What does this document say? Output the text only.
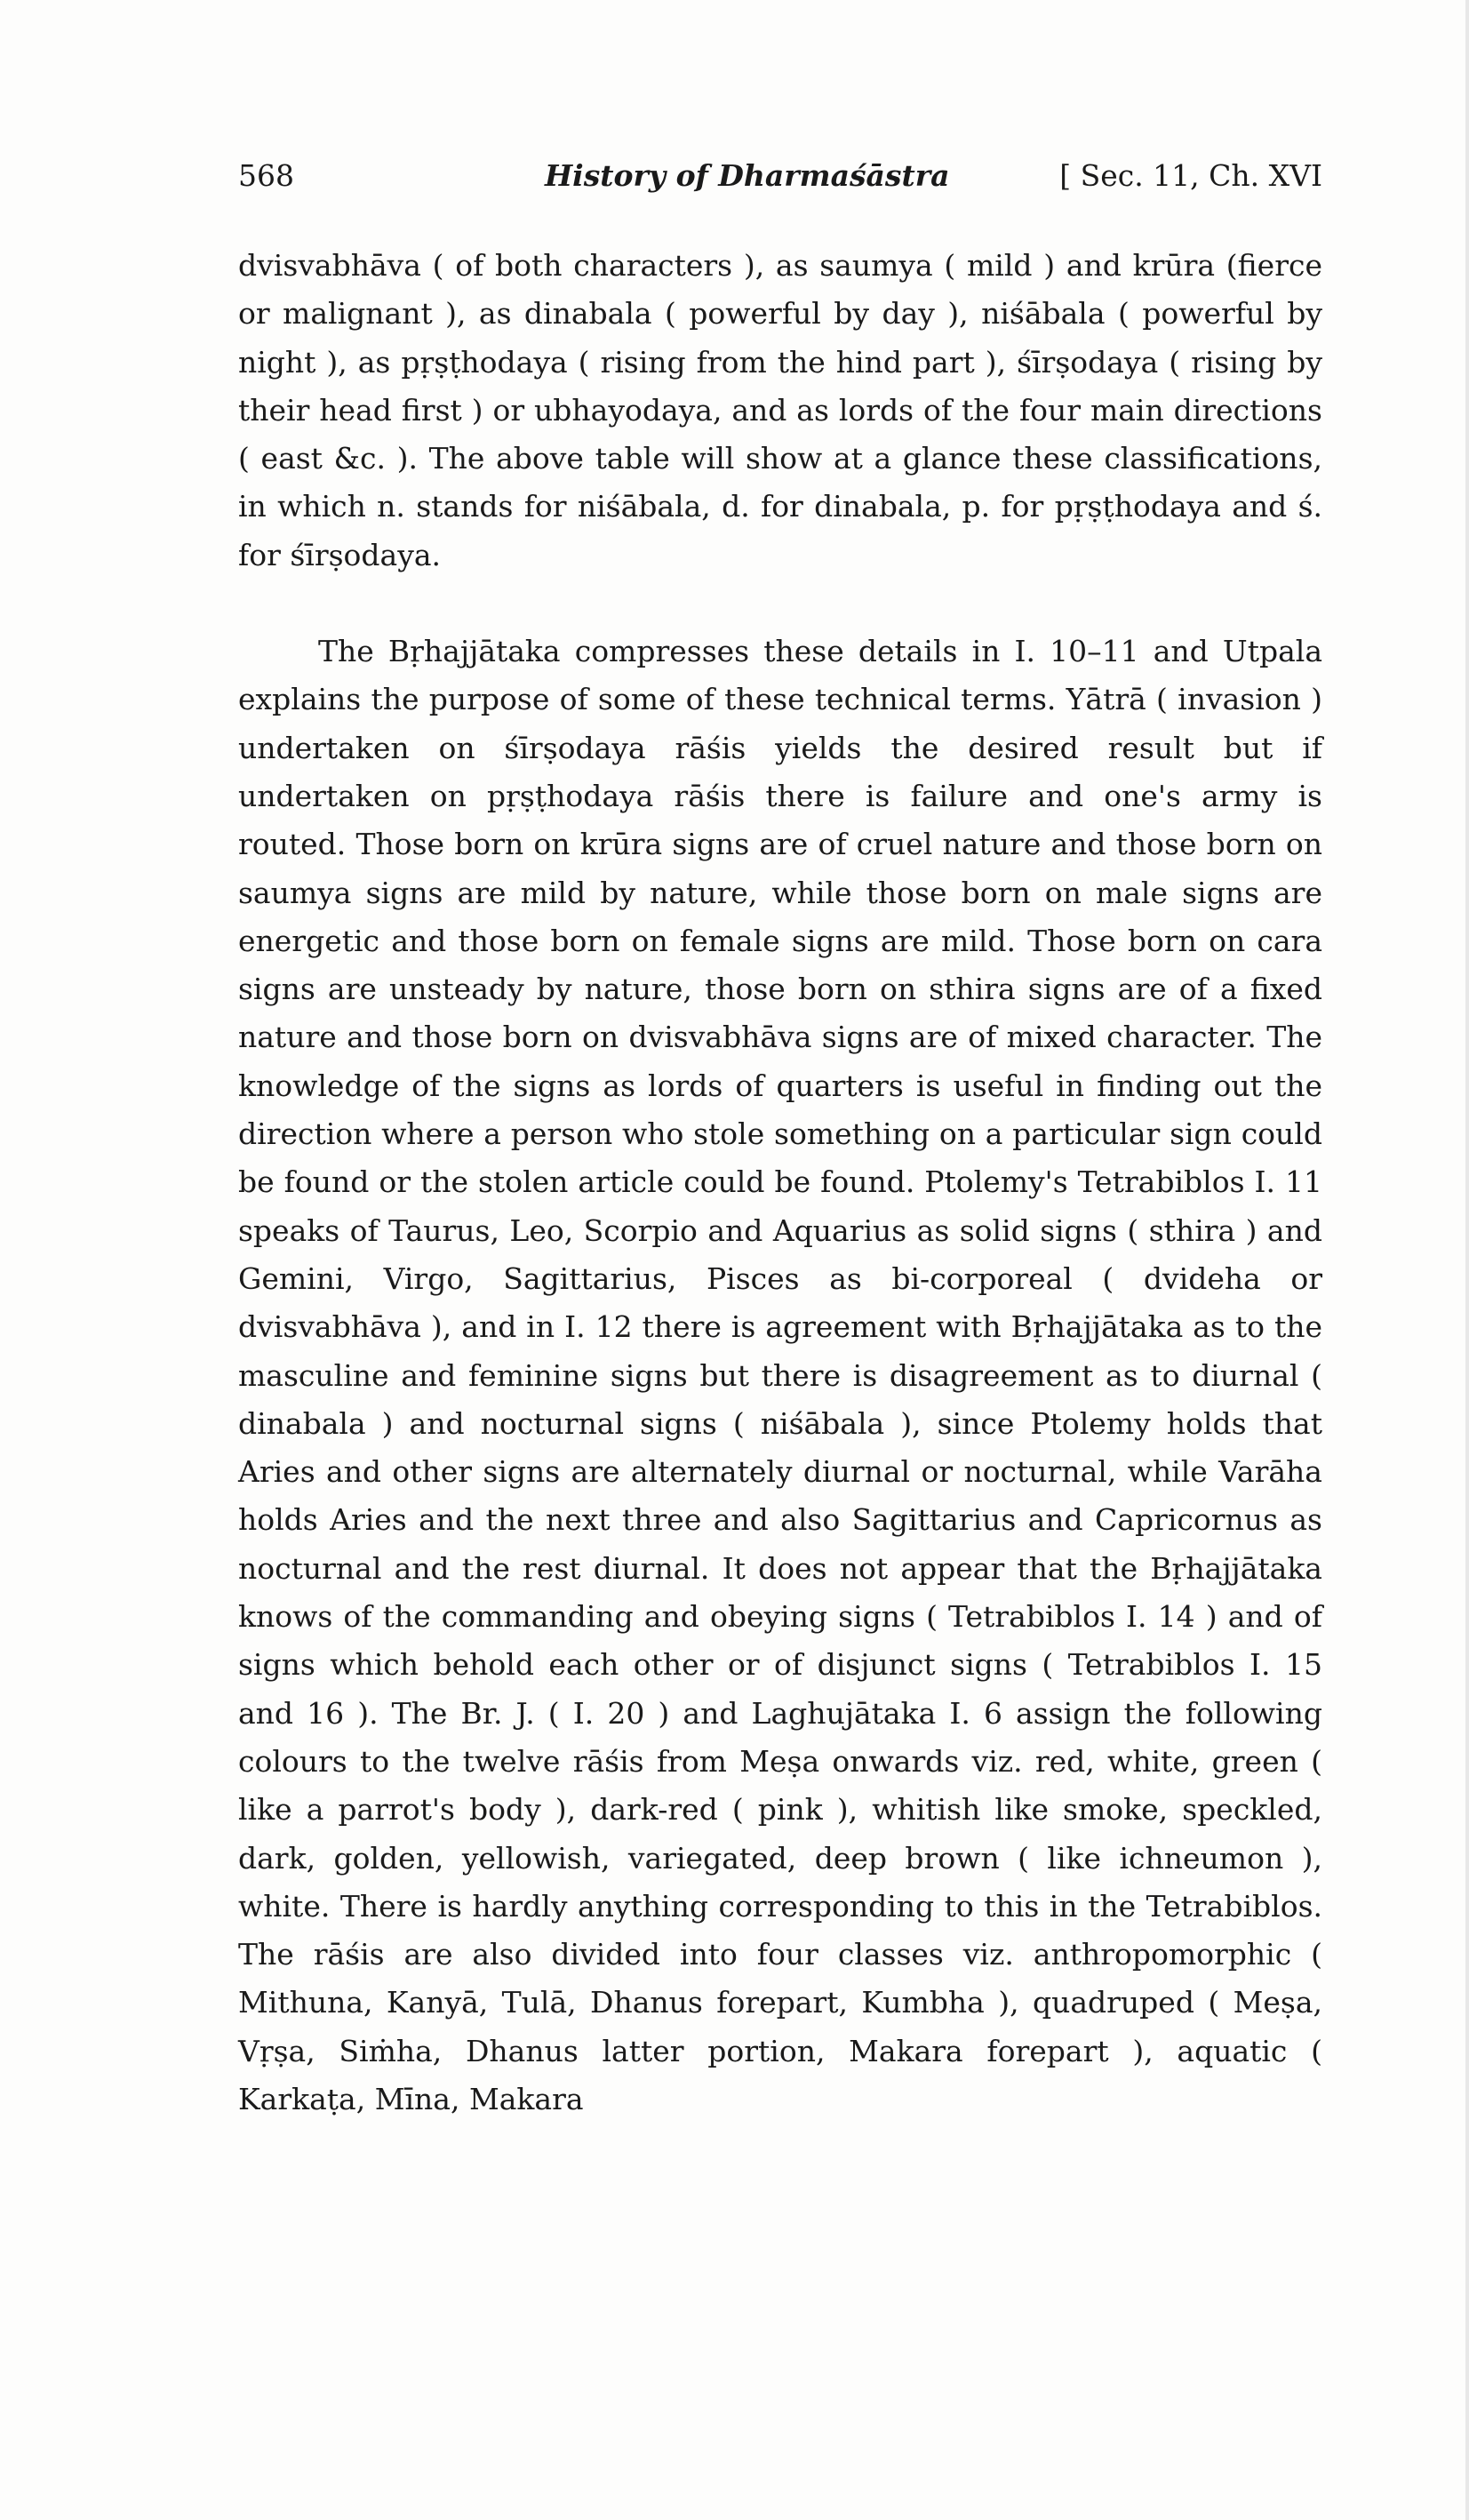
568	History of Dharmaśāstra	[ Sec. 11, Ch. XVI

dvisvabhāva ( of both characters ), as saumya ( mild ) and krūra (fierce or malignant ), as dinabala ( powerful by day ), niśābala ( powerful by night ), as pṛṣṭhodaya ( rising from the hind part ), śīrṣodaya ( rising by their head first ) or ubhayodaya, and as lords of the four main directions ( east &c. ). The above table will show at a glance these classifications, in which n. stands for niśābala, d. for dinabala, p. for pṛṣṭhodaya and ś. for śīrṣodaya.

The Bṛhajjātaka compresses these details in I. 10–11 and Utpala explains the purpose of some of these technical terms. Yātrā ( invasion ) undertaken on śīrṣodaya rāśis yields the desired result but if undertaken on pṛṣṭhodaya rāśis there is failure and one's army is routed. Those born on krūra signs are of cruel nature and those born on saumya signs are mild by nature, while those born on male signs are energetic and those born on female signs are mild. Those born on cara signs are unsteady by nature, those born on sthira signs are of a fixed nature and those born on dvisvabhāva signs are of mixed character. The knowledge of the signs as lords of quarters is useful in finding out the direction where a person who stole something on a particular sign could be found or the stolen article could be found. Ptolemy's Tetrabiblos I. 11 speaks of Taurus, Leo, Scorpio and Aquarius as solid signs ( sthira ) and Gemini, Virgo, Sagittarius, Pisces as bi-corporeal ( dvideha or dvisvabhāva ), and in I. 12 there is agreement with Bṛhajjātaka as to the masculine and feminine signs but there is disagreement as to diurnal ( dinabala ) and nocturnal signs ( niśābala ), since Ptolemy holds that Aries and other signs are alternately diurnal or nocturnal, while Varāha holds Aries and the next three and also Sagittarius and Capricornus as nocturnal and the rest diurnal. It does not appear that the Bṛhajjātaka knows of the commanding and obeying signs ( Tetrabiblos I. 14 ) and of signs which behold each other or of disjunct signs ( Tetrabiblos I. 15 and 16 ). The Br. J. ( I. 20 ) and Laghujātaka I. 6 assign the following colours to the twelve rāśis from Meṣa onwards viz. red, white, green ( like a parrot's body ), dark-red ( pink ), whitish like smoke, speckled, dark, golden, yellowish, variegated, deep brown ( like ichneumon ), white. There is hardly anything corresponding to this in the Tetrabiblos. The rāśis are also divided into four classes viz. anthropomorphic ( Mithuna, Kanyā, Tulā, Dhanus forepart, Kumbha ), quadruped ( Meṣa, Vṛṣa, Siṁha, Dhanus latter portion, Makara forepart ), aquatic ( Karkaṭa, Mīna, Makara
